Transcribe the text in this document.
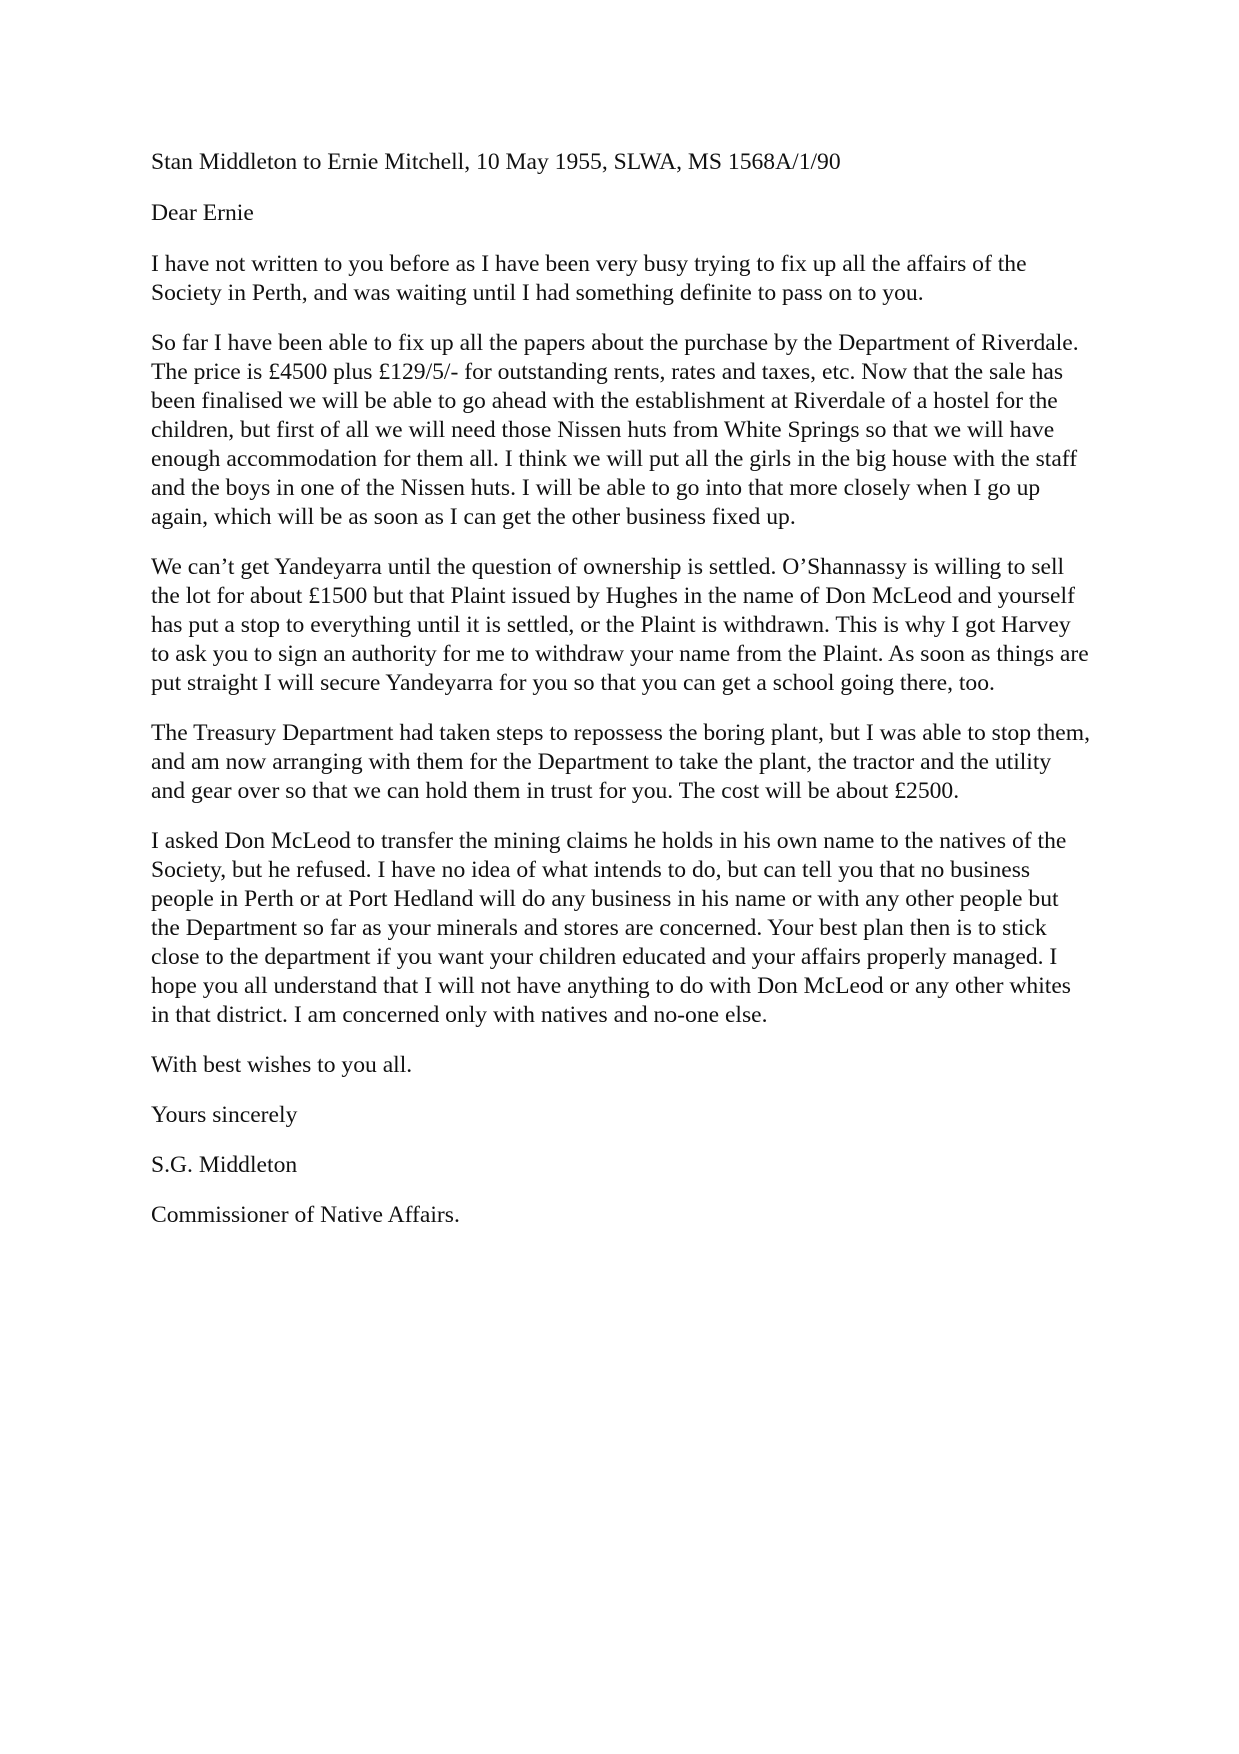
Stan Middleton to Ernie Mitchell, 10 May 1955, SLWA, MS 1568A/1/90

Dear Ernie

I have not written to you before as I have been very busy trying to fix up all the affairs of the Society in Perth, and was waiting until I had something definite to pass on to you.

So far I have been able to fix up all the papers about the purchase by the Department of Riverdale. The price is £4500 plus £129/5/- for outstanding rents, rates and taxes, etc. Now that the sale has been finalised we will be able to go ahead with the establishment at Riverdale of a hostel for the children, but first of all we will need those Nissen huts from White Springs so that we will have enough accommodation for them all. I think we will put all the girls in the big house with the staff and the boys in one of the Nissen huts. I will be able to go into that more closely when I go up again, which will be as soon as I can get the other business fixed up.

We can’t get Yandeyarra until the question of ownership is settled. O’Shannassy is willing to sell the lot for about £1500 but that Plaint issued by Hughes in the name of Don McLeod and yourself has put a stop to everything until it is settled, or the Plaint is withdrawn. This is why I got Harvey to ask you to sign an authority for me to withdraw your name from the Plaint. As soon as things are put straight I will secure Yandeyarra for you so that you can get a school going there, too.

The Treasury Department had taken steps to repossess the boring plant, but I was able to stop them, and am now arranging with them for the Department to take the plant, the tractor and the utility and gear over so that we can hold them in trust for you. The cost will be about £2500.

I asked Don McLeod to transfer the mining claims he holds in his own name to the natives of the Society, but he refused. I have no idea of what intends to do, but can tell you that no business people in Perth or at Port Hedland will do any business in his name or with any other people but the Department so far as your minerals and stores are concerned. Your best plan then is to stick close to the department if you want your children educated and your affairs properly managed. I hope you all understand that I will not have anything to do with Don McLeod or any other whites in that district. I am concerned only with natives and no-one else.

With best wishes to you all.

Yours sincerely

S.G. Middleton

Commissioner of Native Affairs.
